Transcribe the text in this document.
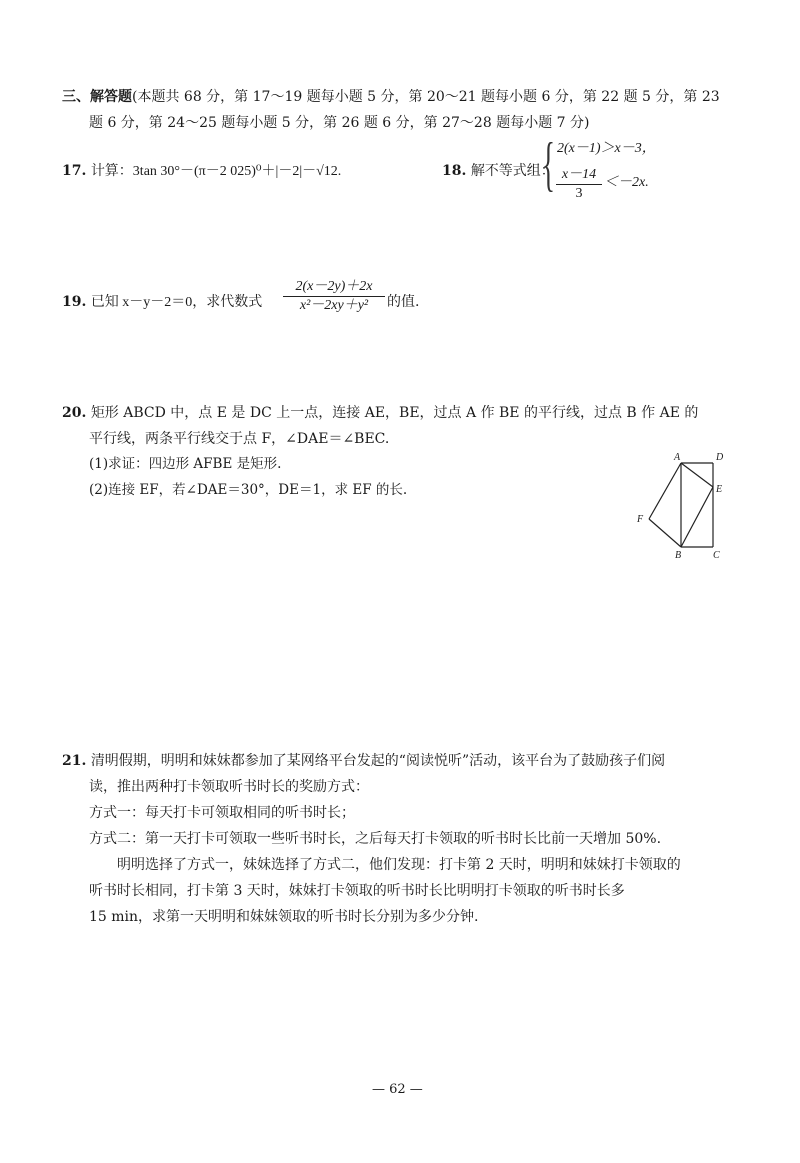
三、解答题(本题共 68 分，第 17～19 题每小题 5 分，第 20～21 题每小题 6 分，第 22 题 5 分，第 23
题 6 分，第 24～25 题每小题 5 分，第 26 题 6 分，第 27～28 题每小题 7 分)
17. 计算：3tan 30°－(π－2 025)⁰＋|－2|－√12.	18. 解不等式组：
{ 2(x－1)＞x－3，
x－14
3
＜－2x.
19. 已知 x－y－2＝0，求代数式
2(x－2y)＋2x
x²－2xy＋y²	的值.
20. 矩形 ABCD 中，点 E 是 DC 上一点，连接 AE，BE，过点 A 作 BE 的平行线，过点 B 作 AE 的
平行线，两条平行线交于点 F，∠DAE＝∠BEC.
(1)求证：四边形 AFBE 是矩形.
(2)连接 EF，若∠DAE＝30°，DE＝1，求 EF 的长.
A	D
E
F
B	C
21. 清明假期，明明和妹妹都参加了某网络平台发起的“阅读悦听”活动，该平台为了鼓励孩子们阅
读，推出两种打卡领取听书时长的奖励方式：
方式一：每天打卡可领取相同的听书时长；
方式二：第一天打卡可领取一些听书时长，之后每天打卡领取的听书时长比前一天增加 50%.
明明选择了方式一，妹妹选择了方式二，他们发现：打卡第 2 天时，明明和妹妹打卡领取的
听书时长相同，打卡第 3 天时，妹妹打卡领取的听书时长比明明打卡领取的听书时长多
15 min，求第一天明明和妹妹领取的听书时长分别为多少分钟.
— 62 —
